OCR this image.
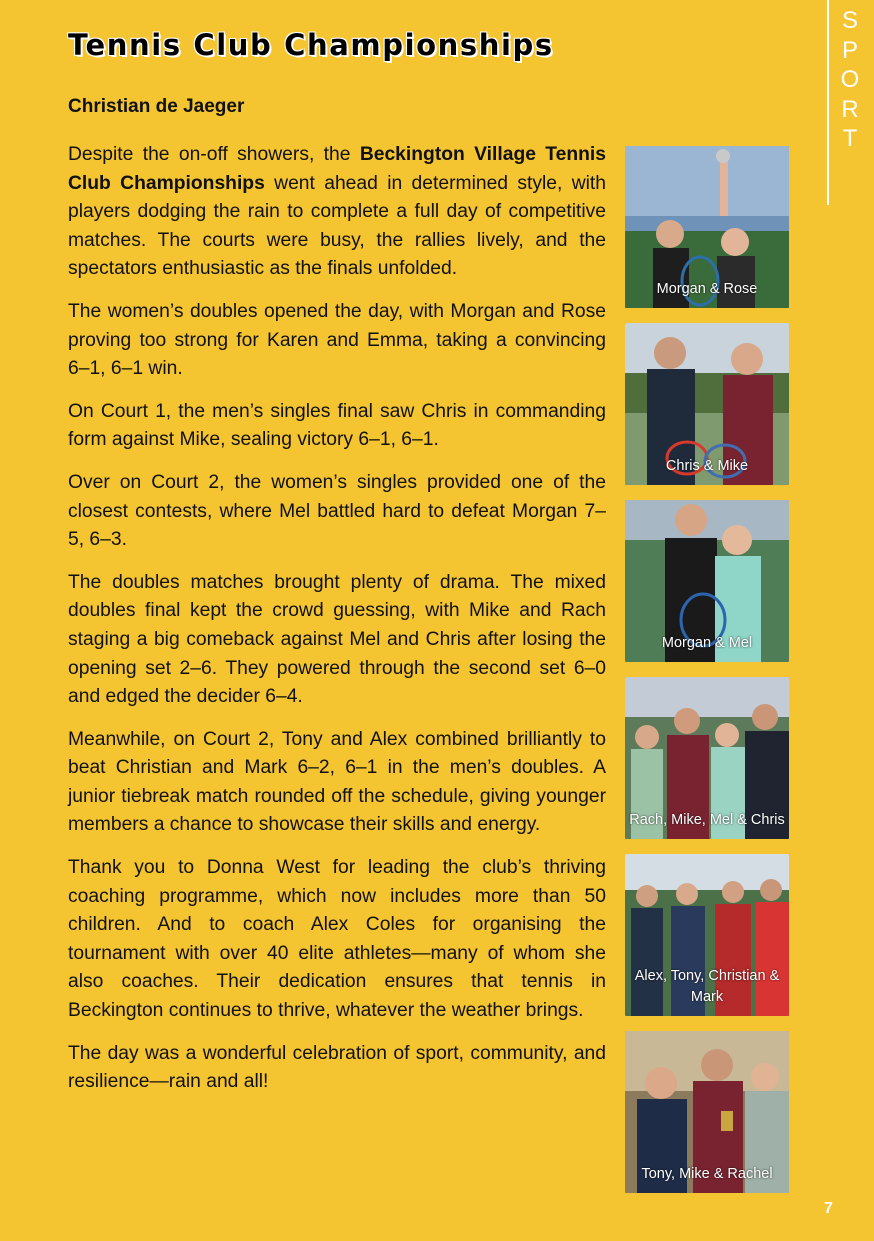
Tennis Club Championships

Christian de Jaeger

S
P
O
R
T

Despite the on-off showers, the Beckington Village Tennis Club Championships went ahead in determined style, with players dodging the rain to complete a full day of competitive matches. The courts were busy, the rallies lively, and the spectators enthusiastic as the finals unfolded.

The women’s doubles opened the day, with Morgan and Rose proving too strong for Karen and Emma, taking a convincing 6–1, 6–1 win.

On Court 1, the men’s singles final saw Chris in commanding form against Mike, sealing victory 6–1, 6–1.

Over on Court 2, the women’s singles provided one of the closest contests, where Mel battled hard to defeat Morgan 7–5, 6–3.

The doubles matches brought plenty of drama. The mixed doubles final kept the crowd guessing, with Mike and Rach staging a big comeback against Mel and Chris after losing the opening set 2–6. They powered through the second set 6–0 and edged the decider 6–4.

Meanwhile, on Court 2, Tony and Alex combined brilliantly to beat Christian and Mark 6–2, 6–1 in the men’s doubles. A junior tiebreak match rounded off the schedule, giving younger members a chance to showcase their skills and energy.

Thank you to Donna West for leading the club’s thriving coaching programme, which now includes more than 50 children. And to coach Alex Coles for organising the tournament with over 40 elite athletes—many of whom she also coaches. Their dedication ensures that tennis in Beckington continues to thrive, whatever the weather brings.

The day was a wonderful celebration of sport, community, and resilience—rain and all!

Morgan & Rose
Chris & Mike
Morgan & Mel
Rach, Mike, Mel & Chris
Alex, Tony, Christian & Mark
Tony, Mike & Rachel
7
